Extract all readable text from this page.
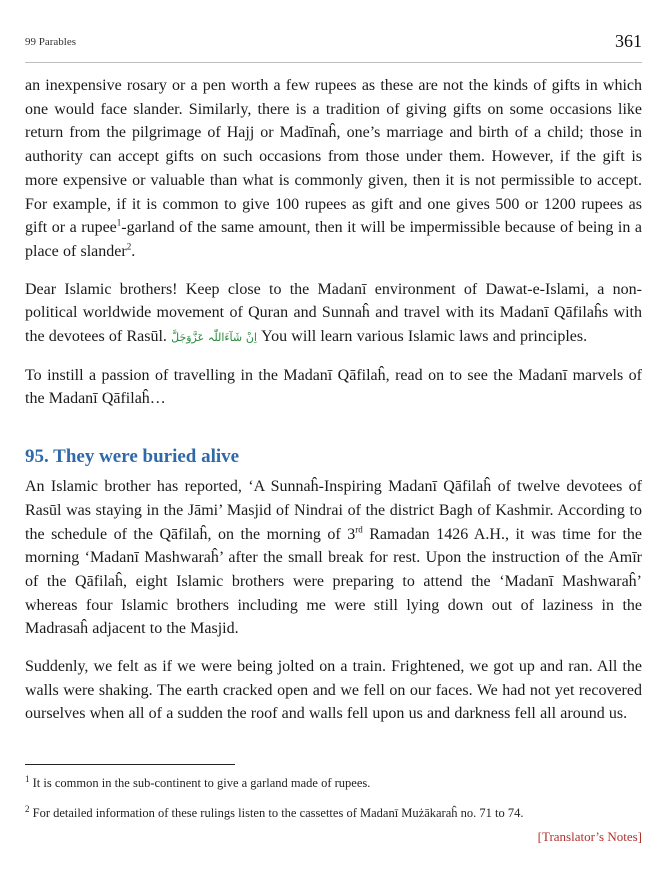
99 Parables	361

an inexpensive rosary or a pen worth a few rupees as these are not the kinds of gifts in which one would face slander. Similarly, there is a tradition of giving gifts on some occasions like return from the pilgrimage of Hajj or Madīnaĥ, one’s marriage and birth of a child; those in authority can accept gifts on such occasions from those under them. However, if the gift is more expensive or valuable than what is commonly given, then it is not permissible to accept. For example, if it is common to give 100 rupees as gift and one gives 500 or 1200 rupees as gift or a rupee$^1$-garland of the same amount, then it will be impermissible because of being in a place of slander$^2$.

Dear Islamic brothers! Keep close to the Madanī environment of Dawat-e-Islami, a non-political worldwide movement of Quran and Sunnaĥ and travel with its Madanī Qāfilaĥs with the devotees of Rasūl. اِنْ شَآءَاللّٰہ عَزَّوَجَلَّ You will learn various Islamic laws and principles.

To instill a passion of travelling in the Madanī Qāfilaĥ, read on to see the Madanī marvels of the Madanī Qāfilaĥ…

95. They were buried alive

An Islamic brother has reported, ‘A Sunnaĥ-Inspiring Madanī Qāfilaĥ of twelve devotees of Rasūl was staying in the Jāmi’ Masjid of Nindrai of the district Bagh of Kashmir. According to the schedule of the Qāfilaĥ, on the morning of 3rd Ramadan 1426 A.H., it was time for the morning ‘Madanī Mashwaraĥ’ after the small break for rest. Upon the instruction of the Amīr of the Qāfilaĥ, eight Islamic brothers were preparing to attend the ‘Madanī Mashwaraĥ’ whereas four Islamic brothers including me were still lying down out of laziness in the Madrasaĥ adjacent to the Masjid.

Suddenly, we felt as if we were being jolted on a train. Frightened, we got up and ran. All the walls were shaking. The earth cracked open and we fell on our faces. We had not yet recovered ourselves when all of a sudden the roof and walls fell upon us and darkness fell all around us.

$^1$ It is common in the sub-continent to give a garland made of rupees.
$^2$ For detailed information of these rulings listen to the cassettes of Madanī Mużākaraĥ no. 71 to 74.
[Translator’s Notes]
